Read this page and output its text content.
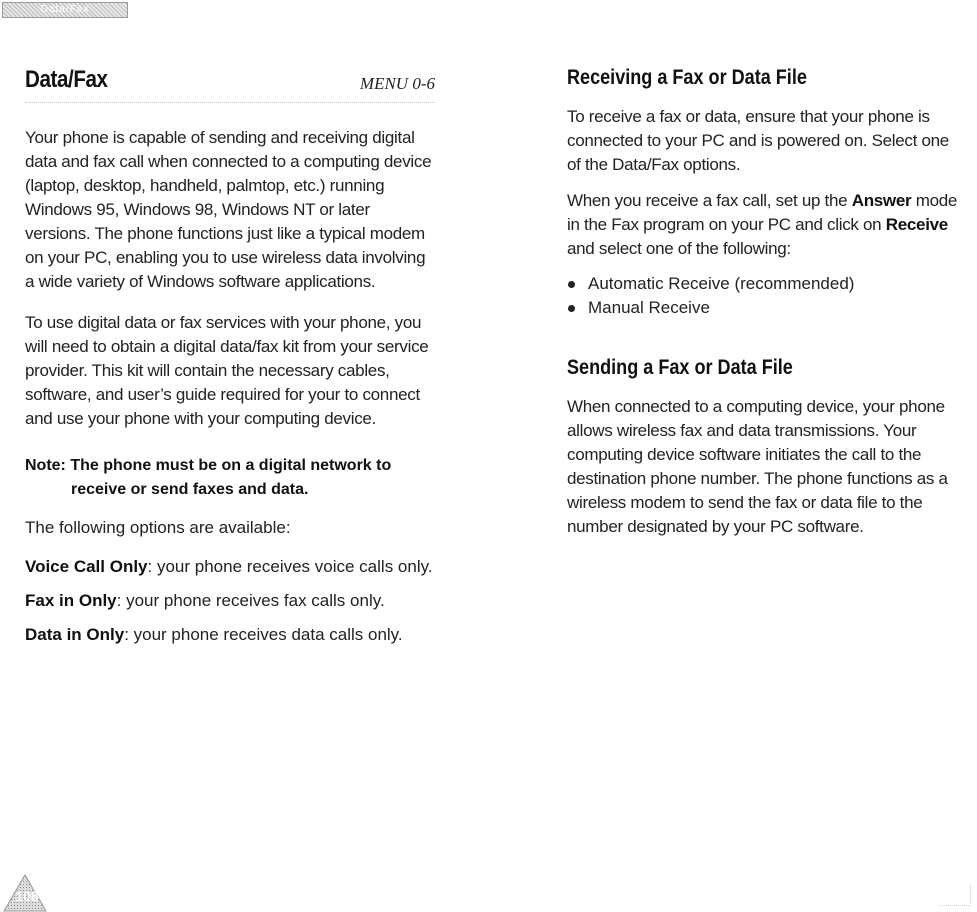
Data/Fax
Data/Fax	MENU 0-6

Your phone is capable of sending and receiving digital data and fax call when connected to a computing device (laptop, desktop, handheld, palmtop, etc.) running Windows 95, Windows 98, Windows NT or later versions. The phone functions just like a typical modem on your PC, enabling you to use wireless data involving a wide variety of Windows software applications.

To use digital data or fax services with your phone, you will need to obtain a digital data/fax kit from your service provider. This kit will contain the necessary cables, software, and user’s guide required for your to connect and use your phone with your computing device.

Note: The phone must be on a digital network to
receive or send faxes and data.
The following options are available:
Voice Call Only: your phone receives voice calls only.
Fax in Only: your phone receives fax calls only.
Data in Only: your phone receives data calls only.
Receiving a Fax or Data File

To receive a fax or data, ensure that your phone is connected to your PC and is powered on. Select one of the Data/Fax options.

When you receive a fax call, set up the Answer mode in the Fax program on your PC and click on Receive and select one of the following:

Automatic Receive (recommended)
Manual Receive
Sending a Fax or Data File

When connected to a computing device, your phone allows wireless fax and data transmissions. Your computing device software initiates the call to the destination phone number. The phone functions as a wireless modem to send the fax or data file to the number designated by your PC software.

108
